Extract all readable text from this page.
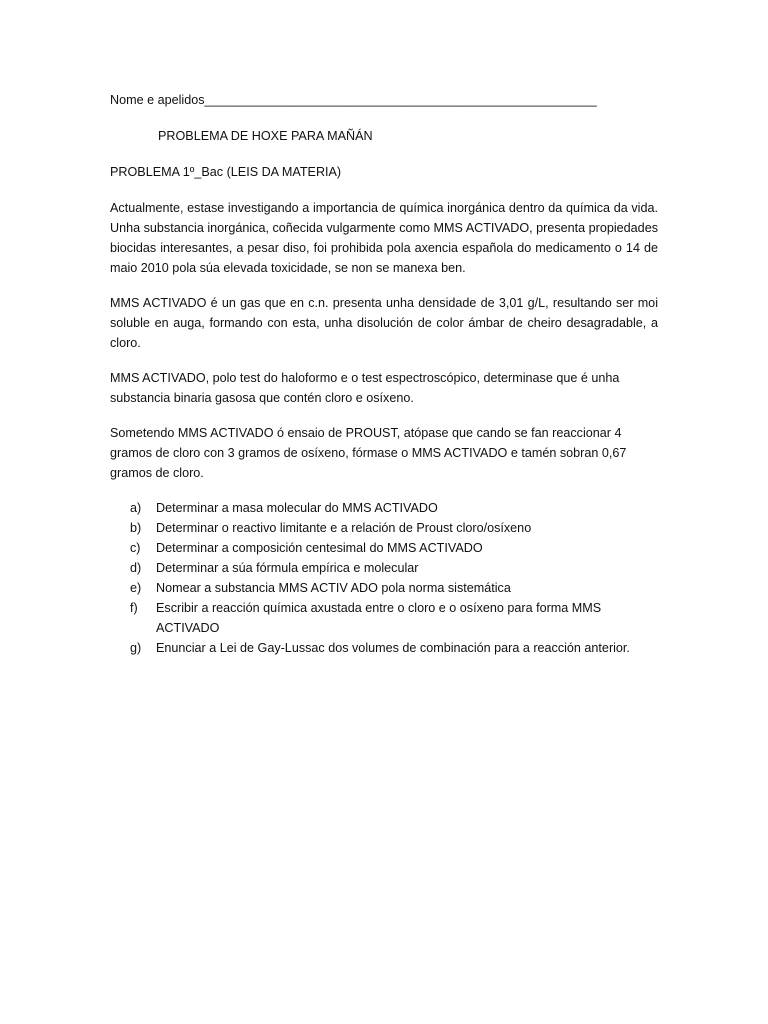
Nome e apelidos________________________________________________________
PROBLEMA DE HOXE PARA MAÑÁN
PROBLEMA 1º_Bac (LEIS DA MATERIA)

Actualmente, estase investigando a importancia de química inorgánica dentro da química da vida. Unha substancia inorgánica, coñecida vulgarmente como MMS ACTIVADO, presenta propiedades biocidas interesantes, a pesar diso, foi prohibida pola axencia española do medicamento o 14 de maio 2010 pola súa elevada toxicidade, se non se manexa ben.

MMS ACTIVADO é un gas que en c.n. presenta unha densidade de 3,01 g/L, resultando ser moi soluble en auga, formando con esta, unha disolución de color ámbar de cheiro desagradable, a cloro.

MMS ACTIVADO, polo test do haloformo e o test espectroscópico, determinase que é unha substancia binaria gasosa que contén cloro e osíxeno.

Sometendo MMS ACTIVADO ó ensaio de PROUST, atópase que cando se fan reaccionar 4 gramos de cloro con 3 gramos de osíxeno, fórmase o MMS ACTIVADO e tamén sobran 0,67 gramos de cloro.

a) Determinar a masa molecular do MMS ACTIVADO
b) Determinar o reactivo limitante e a relación de Proust cloro/osíxeno
c) Determinar a composición centesimal do MMS ACTIVADO
d) Determinar a súa fórmula empírica e molecular
e) Nomear a substancia MMS ACTIV ADO pola norma sistemática
f) Escribir a reacción química axustada entre o cloro e o osíxeno para forma MMS ACTIVADO
g) Enunciar a Lei de Gay-Lussac dos volumes de combinación para a reacción anterior.
